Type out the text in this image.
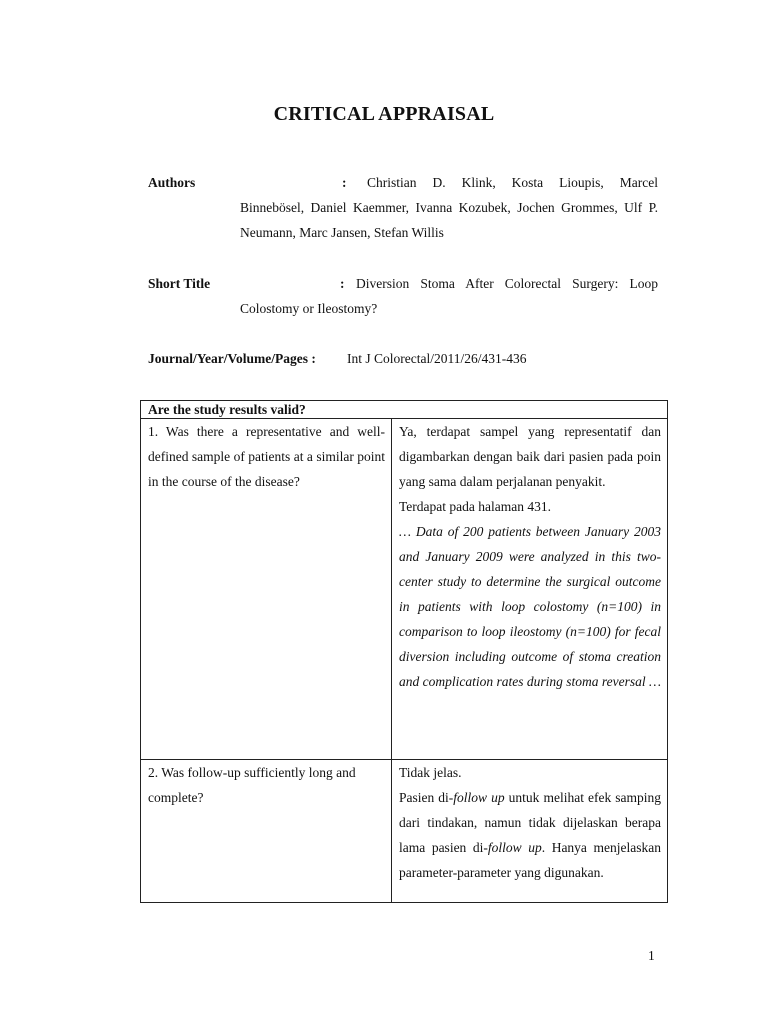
CRITICAL APPRAISAL
Authors	:	Christian D. Klink, Kosta Lioupis, Marcel Binnebösel, Daniel Kaemmer, Ivanna Kozubek, Jochen Grommes, Ulf P. Neumann, Marc Jansen, Stefan Willis
Short Title	: Diversion Stoma After Colorectal Surgery: Loop Colostomy or Ileostomy?
Journal/Year/Volume/Pages : Int J Colorectal/2011/26/431-436
Are the study results valid?	

1. Was there a representative and well-defined sample of patients at a similar point in the course of the disease?	Ya, terdapat sampel yang representatif dan digambarkan dengan baik dari pasien pada poin yang sama dalam perjalanan penyakit.

Terdapat pada halaman 431.

… Data of 200 patients between January 2003 and January 2009 were analyzed in this two-center study to determine the surgical outcome in patients with loop colostomy (n=100) in comparison to loop ileostomy (n=100) for fecal diversion including outcome of stoma creation and complication rates during stoma reversal …

2. Was follow-up sufficiently long and complete?	Tidak jelas.

Pasien di-follow up untuk melihat efek samping dari tindakan, namun tidak dijelaskan berapa lama pasien di-follow up. Hanya menjelaskan parameter-parameter yang digunakan.

1
